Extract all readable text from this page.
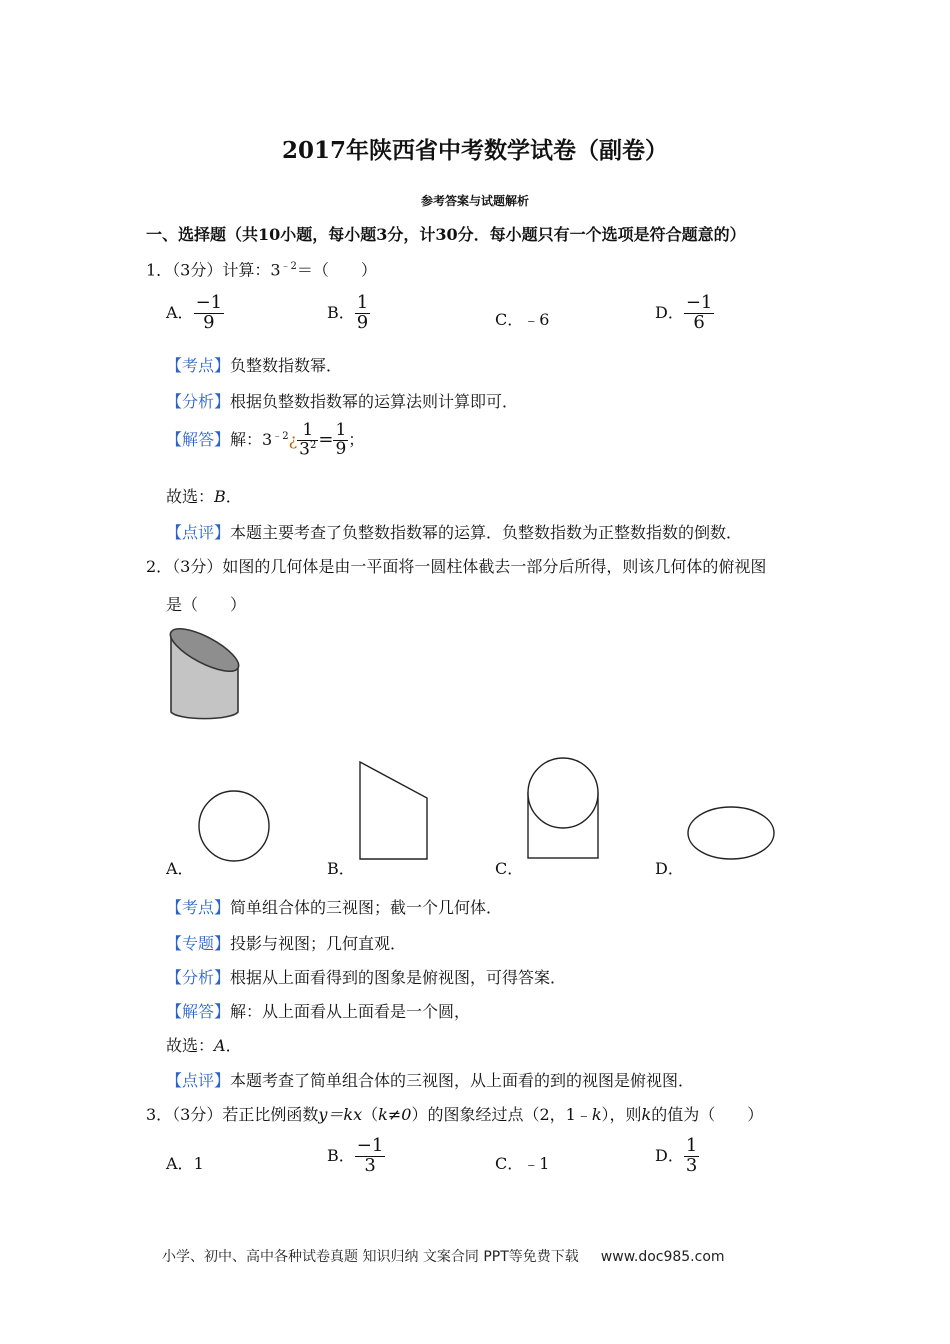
2017年陕西省中考数学试卷（副卷）
参考答案与试题解析
一、选择题（共10小题，每小题3分，计30分．每小题只有一个选项是符合题意的）
1．（3分）计算：$3^{﹣2}=$（　　）
A． $\frac{-1}{9}$	B． $\frac{1}{9}$	C．﹣6	D． $\frac{-1}{6}$
【考点】负整数指数幂．
【分析】根据负整数指数幂的运算法则计算即可．
【解答】解：$3^{﹣2}¿ \frac{1}{3^2} = \frac{1}{9}$ ；
故选：B．
【点评】本题主要考查了负整数指数幂的运算．负整数指数为正整数指数的倒数．
2．（3分）如图的几何体是由一平面将一圆柱体截去一部分后所得，则该几何体的俯视图
是（　　）
A．	B．	C．	D．
【考点】简单组合体的三视图；截一个几何体．
【专题】投影与视图；几何直观．
【分析】根据从上面看得到的图象是俯视图，可得答案．
【解答】解：从上面看从上面看是一个圆，
故选：A．
【点评】本题考查了简单组合体的三视图，从上面看的到的视图是俯视图．
3．（3分）若正比例函数y＝kx（k≠0）的图象经过点（2，1﹣k），则k的值为（　　）
A．1	B． $\frac{-1}{3}$	C．﹣1	D． $\frac{1}{3}$
小学、初中、高中各种试卷真题 知识归纳 文案合同 PPT等免费下载 www.doc985.com
